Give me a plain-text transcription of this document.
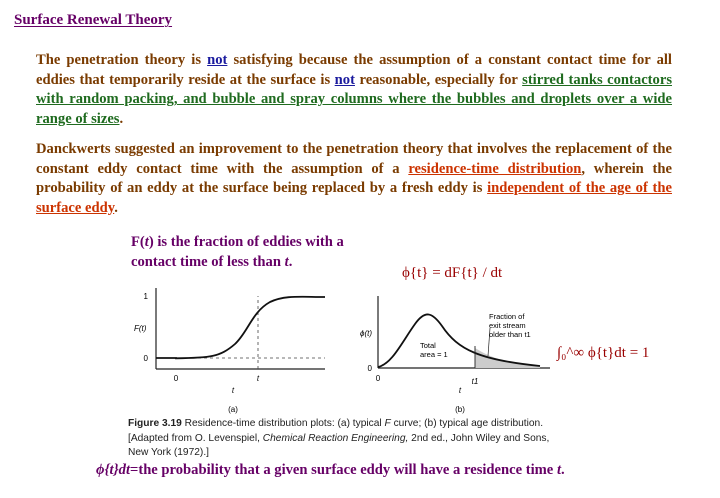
Surface Renewal Theory
The penetration theory is not satisfying because the assumption of a constant contact time for all eddies that temporarily reside at the surface is not reasonable, especially for stirred tanks contactors with random packing, and bubble and spray columns where the bubbles and droplets over a wide range of sizes.
Danckwerts suggested an improvement to the penetration theory that involves the replacement of the constant eddy contact time with the assumption of a residence-time distribution, wherein the probability of an eddy at the surface being replaced by a fresh eddy is independent of the age of the surface eddy.
F(t) is the fraction of eddies with a contact time of less than t.
ϕ{t} = dF{t} / dt
∫₀^∞ ϕ{t}dt = 1
1
0
F(t)
0	t
t
(a)
ϕ(t)
0
0	t1
t
(b)
Total
area = 1
Fraction of
exit stream
older than t1
Figure 3.19 Residence-time distribution plots: (a) typical F curve; (b) typical age distribution. [Adapted from O. Levenspiel, Chemical Reaction Engineering, 2nd ed., John Wiley and Sons, New York (1972).]
ϕ{t}dt=the probability that a given surface eddy will have a residence time t.
